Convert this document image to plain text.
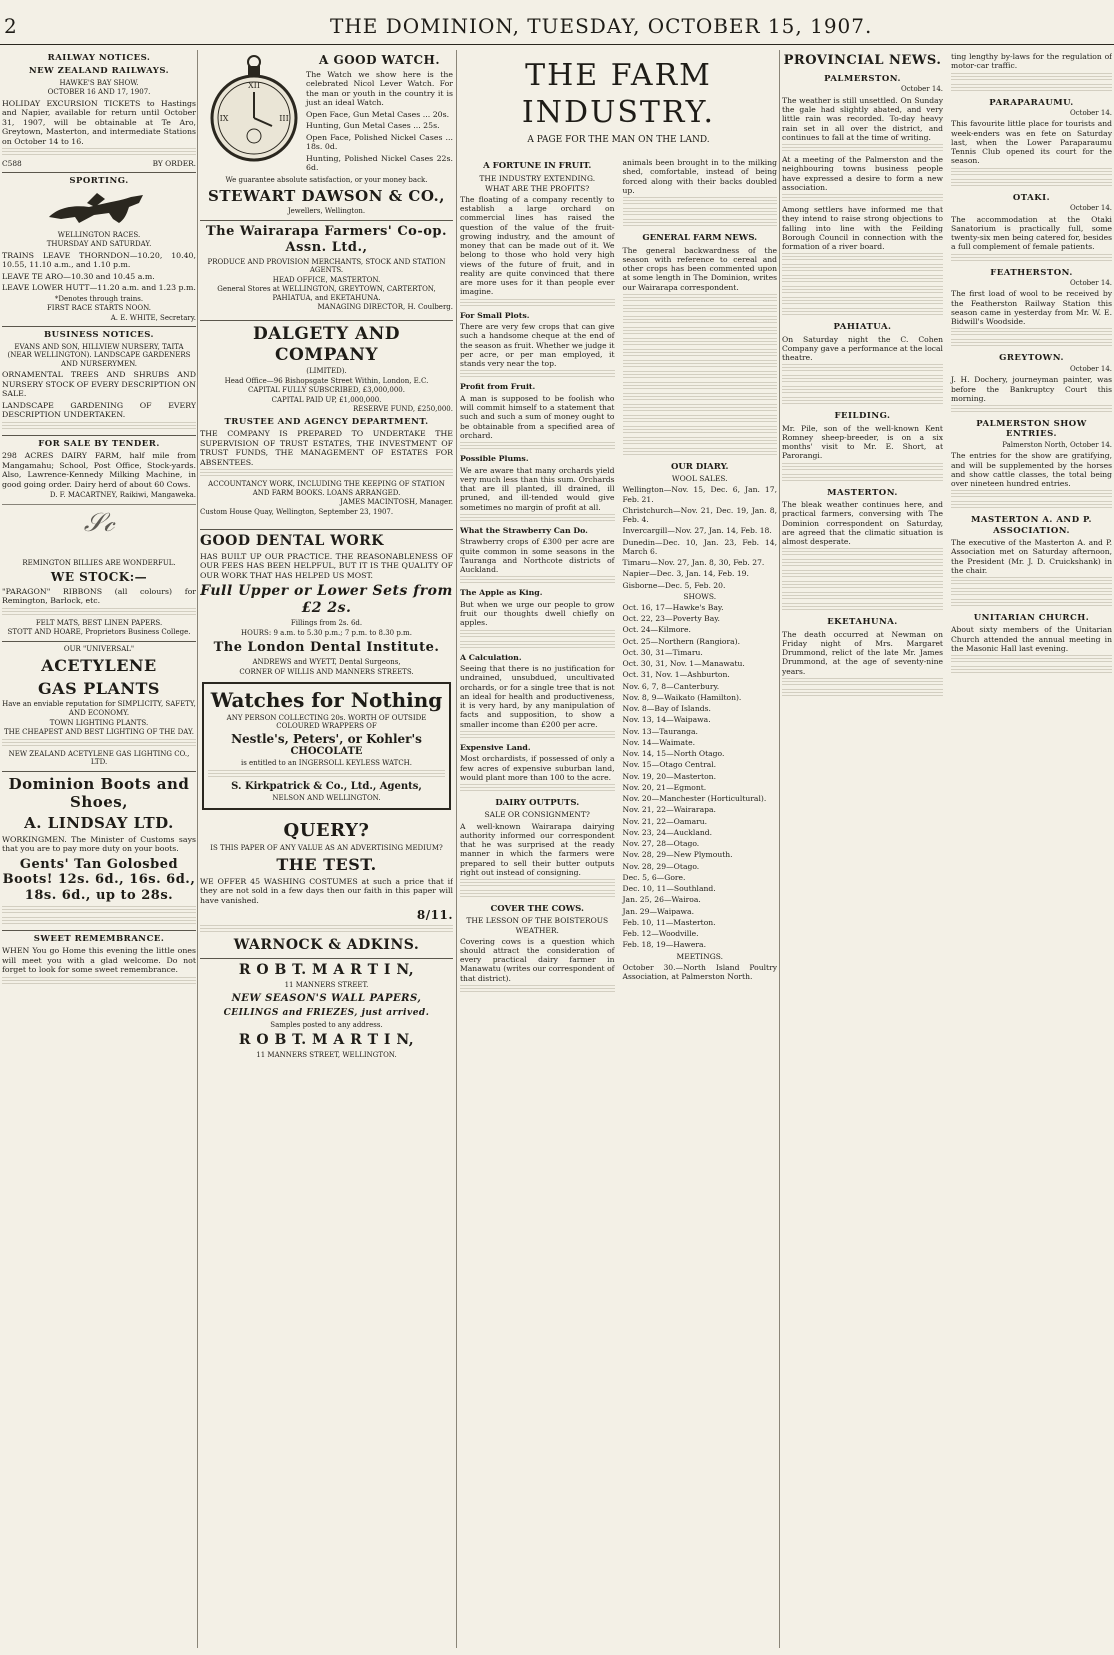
2	THE DOMINION, TUESDAY, OCTOBER 15, 1907.
RAILWAY NOTICES.
NEW ZEALAND RAILWAYS.
HAWKE'S BAY SHOW.
OCTOBER 16 AND 17, 1907.
HOLIDAY EXCURSION TICKETS to Hastings and Napier, available for return until October 31, 1907, will be obtainable at Te Aro, Greytown, Masterton, and intermediate Stations on October 14 to 16.
C588	BY ORDER.
SPORTING.
WELLINGTON RACES.
THURSDAY AND SATURDAY.
TRAINS LEAVE THORNDON—10.20, 10.40, 10.55, 11.10 a.m., and 1.10 p.m.
LEAVE TE ARO—10.30 and 10.45 a.m.
LEAVE LOWER HUTT—11.20 a.m. and 1.23 p.m.
*Denotes through trains.
FIRST RACE STARTS NOON.
A. E. WHITE, Secretary.
BUSINESS NOTICES.
EVANS AND SON, HILLVIEW NURSERY, TAITA (NEAR WELLINGTON). LANDSCAPE GARDENERS AND NURSERYMEN.
ORNAMENTAL TREES AND SHRUBS AND NURSERY STOCK OF EVERY DESCRIPTION ON SALE.
LANDSCAPE GARDENING OF EVERY DESCRIPTION UNDERTAKEN.
FOR SALE BY TENDER.
298 ACRES DAIRY FARM, half mile from Mangamahu; School, Post Office, Stock-yards. Also, Lawrence-Kennedy Milking Machine, in good going order. Dairy herd of about 60 Cows.
D. F. MACARTNEY, Raikiwi, Mangaweka.
𝒮𝒸
REMINGTON BILLIES ARE WONDERFUL.
WE STOCK:—
"PARAGON" RIBBONS (all colours) for Remington, Barlock, etc.
FELT MATS, BEST LINEN PAPERS.
STOTT AND HOARE, Proprietors Business College.
OUR "UNIVERSAL"
ACETYLENE
GAS PLANTS
Have an enviable reputation for SIMPLICITY, SAFETY, AND ECONOMY.
TOWN LIGHTING PLANTS.
THE CHEAPEST AND BEST LIGHTING OF THE DAY.
NEW ZEALAND ACETYLENE GAS LIGHTING CO., LTD.
Dominion Boots and Shoes,
A. LINDSAY LTD.
WORKINGMEN. The Minister of Customs says that you are to pay more duty on your boots.
Gents' Tan Golosbed Boots! 12s. 6d., 16s. 6d., 18s. 6d., up to 28s.
SWEET REMEMBRANCE.
WHEN You go Home this evening the little ones will meet you with a glad welcome. Do not forget to look for some sweet remembrance.
XII
III
IX
A GOOD WATCH.
The Watch we show here is the celebrated Nicol Lever Watch. For the man or youth in the country it is just an ideal Watch.
Open Face, Gun Metal Cases ... 20s.
Hunting, Gun Metal Cases ... 25s.
Open Face, Polished Nickel Cases ... 18s. 0d.
Hunting, Polished Nickel Cases 22s. 6d.
We guarantee absolute satisfaction, or your money back.
STEWART DAWSON & CO.,
Jewellers, Wellington.
The Wairarapa Farmers' Co-op. Assn. Ltd.,
PRODUCE AND PROVISION MERCHANTS, STOCK AND STATION AGENTS.
HEAD OFFICE, MASTERTON.
General Stores at WELLINGTON, GREYTOWN, CARTERTON, PAHIATUA, and EKETAHUNA.
MANAGING DIRECTOR, H. Coulberg.
DALGETY AND COMPANY
(LIMITED).
Head Office—96 Bishopsgate Street Within, London, E.C.
CAPITAL FULLY SUBSCRIBED, £3,000,000.
CAPITAL PAID UP, £1,000,000.
RESERVE FUND, £250,000.
TRUSTEE AND AGENCY DEPARTMENT.
THE COMPANY IS PREPARED TO UNDERTAKE THE SUPERVISION OF TRUST ESTATES, THE INVESTMENT OF TRUST FUNDS, THE MANAGEMENT OF ESTATES FOR ABSENTEES.
ACCOUNTANCY WORK, INCLUDING THE KEEPING OF STATION AND FARM BOOKS. LOANS ARRANGED.
JAMES MACINTOSH, Manager.
Custom House Quay, Wellington, September 23, 1907.
GOOD DENTAL WORK
HAS BUILT UP OUR PRACTICE. THE REASONABLENESS OF OUR FEES HAS BEEN HELPFUL, BUT IT IS THE QUALITY OF OUR WORK THAT HAS HELPED US MOST.
Full Upper or Lower Sets from £2 2s.
Fillings from 2s. 6d.
HOURS: 9 a.m. to 5.30 p.m.; 7 p.m. to 8.30 p.m.
The London Dental Institute.
ANDREWS and WYETT, Dental Surgeons,
CORNER OF WILLIS AND MANNERS STREETS.
Watches for Nothing
ANY PERSON COLLECTING 20s. WORTH OF OUTSIDE COLOURED WRAPPERS OF
Nestle's, Peters', or Kohler's
CHOCOLATE
is entitled to an INGERSOLL KEYLESS WATCH.
S. Kirkpatrick & Co., Ltd., Agents,
NELSON AND WELLINGTON.
QUERY?
IS THIS PAPER OF ANY VALUE AS AN ADVERTISING MEDIUM?
THE TEST.
WE OFFER 45 WASHING COSTUMES at such a price that if they are not sold in a few days then our faith in this paper will have vanished.
8/11.
WARNOCK & ADKINS.
R O B T. M A R T I N,
11 MANNERS STREET.
NEW SEASON'S WALL PAPERS,
CEILINGS and FRIEZES, just arrived.
Samples posted to any address.
R O B T. M A R T I N,
11 MANNERS STREET, WELLINGTON.
THE FARM INDUSTRY.
A PAGE FOR THE MAN ON THE LAND.
A FORTUNE IN FRUIT.
THE INDUSTRY EXTENDING.
WHAT ARE THE PROFITS?
The floating of a company recently to establish a large orchard on commercial lines has raised the question of the value of the fruit-growing industry, and the amount of money that can be made out of it. We belong to those who hold very high views of the future of fruit, and in reality are quite convinced that there are more uses for it than people ever imagine.
For Small Plots.
There are very few crops that can give such a handsome cheque at the end of the season as fruit. Whether we judge it per acre, or per man employed, it stands very near the top.
Profit from Fruit.
A man is supposed to be foolish who will commit himself to a statement that such and such a sum of money ought to be obtainable from a specified area of orchard.
Possible Plums.
We are aware that many orchards yield very much less than this sum. Orchards that are ill planted, ill drained, ill pruned, and ill-tended would give sometimes no margin of profit at all.
What the Strawberry Can Do.
Strawberry crops of £300 per acre are quite common in some seasons in the Tauranga and Northcote districts of Auckland.
The Apple as King.
But when we urge our people to grow fruit our thoughts dwell chiefly on apples.
A Calculation.
Seeing that there is no justification for undrained, unsubdued, uncultivated orchards, or for a single tree that is not an ideal for health and productiveness, it is very hard, by any manipulation of facts and supposition, to show a smaller income than £200 per acre.
Expensive Land.
Most orchardists, if possessed of only a few acres of expensive suburban land, would plant more than 100 to the acre.
DAIRY OUTPUTS.
SALE OR CONSIGNMENT?
A well-known Wairarapa dairying authority informed our correspondent that he was surprised at the ready manner in which the farmers were prepared to sell their butter outputs right out instead of consigning.
COVER THE COWS.
THE LESSON OF THE BOISTEROUS WEATHER.
Covering cows is a question which should attract the consideration of every practical dairy farmer in Manawatu (writes our correspondent of that district).
animals been brought in to the milking shed, comfortable, instead of being forced along with their backs doubled up.
GENERAL FARM NEWS.
The general backwardness of the season with reference to cereal and other crops has been commented upon at some length in The Dominion, writes our Wairarapa correspondent.
OUR DIARY.
WOOL SALES.
Wellington—Nov. 15, Dec. 6, Jan. 17, Feb. 21.
Christchurch—Nov. 21, Dec. 19, Jan. 8, Feb. 4.
Invercargill—Nov. 27, Jan. 14, Feb. 18.
Dunedin—Dec. 10, Jan. 23, Feb. 14, March 6.
Timaru—Nov. 27, Jan. 8, 30, Feb. 27.
Napier—Dec. 3, Jan. 14, Feb. 19.
Gisborne—Dec. 5, Feb. 20.
SHOWS.
Oct. 16, 17—Hawke's Bay.
Oct. 22, 23—Poverty Bay.
Oct. 24—Kilmore.
Oct. 25—Northern (Rangiora).
Oct. 30, 31—Timaru.
Oct. 30, 31, Nov. 1—Manawatu.
Oct. 31, Nov. 1—Ashburton.
Nov. 6, 7, 8—Canterbury.
Nov. 8, 9—Waikato (Hamilton).
Nov. 8—Bay of Islands.
Nov. 13, 14—Waipawa.
Nov. 13—Tauranga.
Nov. 14—Waimate.
Nov. 14, 15—North Otago.
Nov. 15—Otago Central.
Nov. 19, 20—Masterton.
Nov. 20, 21—Egmont.
Nov. 20—Manchester (Horticultural).
Nov. 21, 22—Wairarapa.
Nov. 21, 22—Oamaru.
Nov. 23, 24—Auckland.
Nov. 27, 28—Otago.
Nov. 28, 29—New Plymouth.
Nov. 28, 29—Otago.
Dec. 5, 6—Gore.
Dec. 10, 11—Southland.
Jan. 25, 26—Wairoa.
Jan. 29—Waipawa.
Feb. 10, 11—Masterton.
Feb. 12—Woodville.
Feb. 18, 19—Hawera.
MEETINGS.
October 30.—North Island Poultry Association, at Palmerston North.
PROVINCIAL NEWS.
PALMERSTON.
October 14.
The weather is still unsettled. On Sunday the gale had slightly abated, and very little rain was recorded. To-day heavy rain set in all over the district, and continues to fall at the time of writing.
At a meeting of the Palmerston and the neighbouring towns business people have expressed a desire to form a new association.
Among settlers have informed me that they intend to raise strong objections to falling into line with the Feilding Borough Council in connection with the formation of a river board.
PAHIATUA.
On Saturday night the C. Cohen Company gave a performance at the local theatre.
FEILDING.
Mr. Pile, son of the well-known Kent Romney sheep-breeder, is on a six months' visit to Mr. E. Short, at Parorangi.
MASTERTON.
The bleak weather continues here, and practical farmers, conversing with The Dominion correspondent on Saturday, are agreed that the climatic situation is almost desperate.
EKETAHUNA.
The death occurred at Newman on Friday night of Mrs. Margaret Drummond, relict of the late Mr. James Drummond, at the age of seventy-nine years.
ting lengthy by-laws for the regulation of motor-car traffic.
PARAPARAUMU.
October 14.
This favourite little place for tourists and week-enders was en fete on Saturday last, when the Lower Paraparaumu Tennis Club opened its court for the season.
OTAKI.
October 14.
The accommodation at the Otaki Sanatorium is practically full, some twenty-six men being catered for, besides a full complement of female patients.
FEATHERSTON.
October 14.
The first load of wool to be received by the Featherston Railway Station this season came in yesterday from Mr. W. E. Bidwill's Woodside.
GREYTOWN.
October 14.
J. H. Dochery, journeyman painter, was before the Bankruptcy Court this morning.
PALMERSTON SHOW ENTRIES.
Palmerston North, October 14.
The entries for the show are gratifying, and will be supplemented by the horses and show cattle classes, the total being over nineteen hundred entries.
MASTERTON A. AND P. ASSOCIATION.
The executive of the Masterton A. and P. Association met on Saturday afternoon, the President (Mr. J. D. Cruickshank) in the chair.
UNITARIAN CHURCH.
About sixty members of the Unitarian Church attended the annual meeting in the Masonic Hall last evening.
